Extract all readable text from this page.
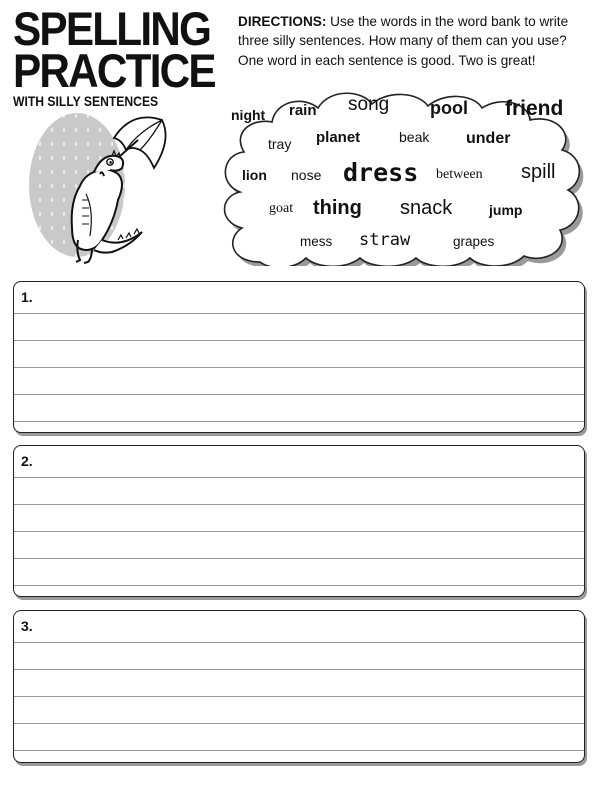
SPELLING
PRACTICE
WITH SILLY SENTENCES
DIRECTIONS: Use the words in the word bank to write three silly sentences. How many of them can you use? One word in each sentence is good. Two is great!
night rain song pool friend
tray planet	beak under
lion nose dress between spill
goat thing snack	jump
mess straw	grapes
1.
2.
3.
